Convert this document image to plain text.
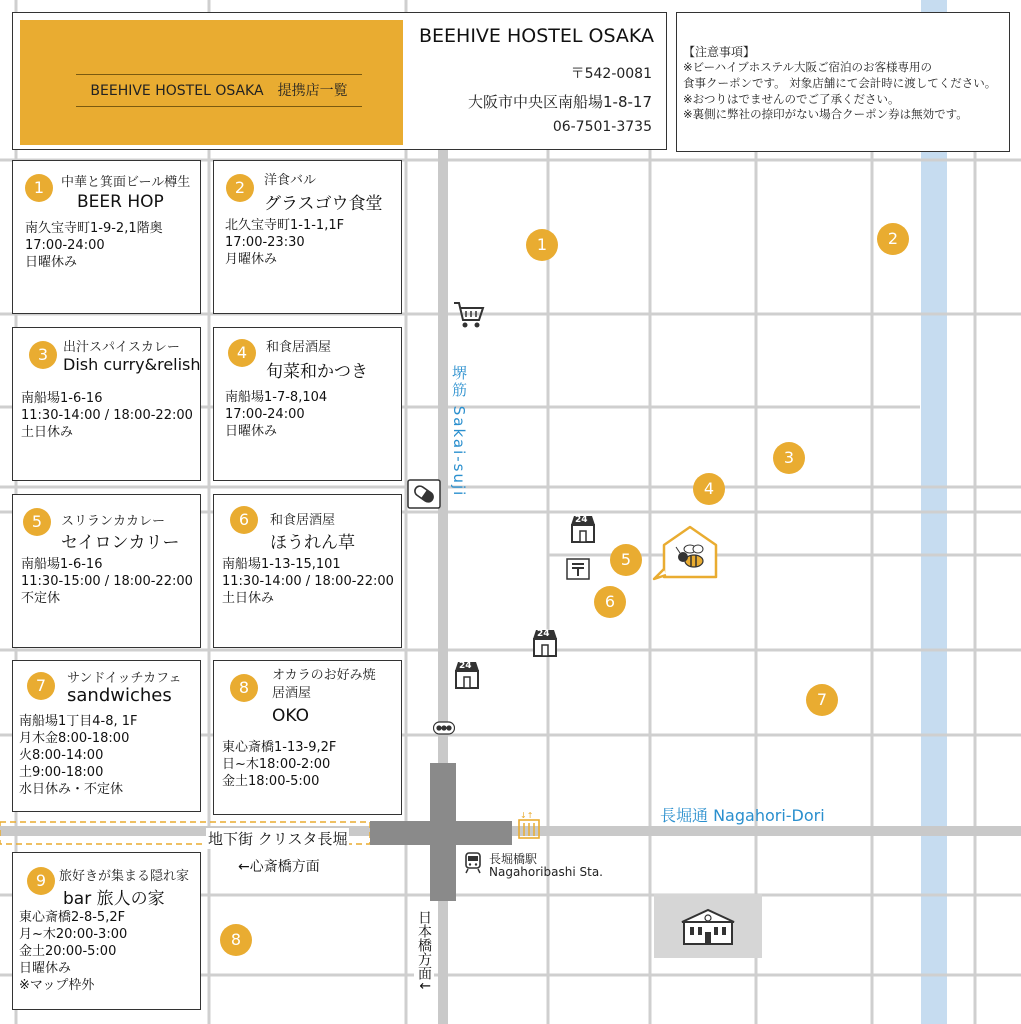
BEEHIVE HOSTEL OSAKA　提携店一覧
BEEHIVE HOSTEL OSAKA
〒542-0081
大阪市中央区南船場1-8-17
06-7501-3735
【注意事項】
※ビーハイブホステル大阪ご宿泊のお客様専用の
食事クーポンです。 対象店舗にて会計時に渡してください。
※おつりはでませんのでご了承ください。
※裏側に弊社の捺印がない場合クーポン券は無効です。
1	中華と箕面ビール樽生
BEER HOP
南久宝寺町1-9-2,1階奥
17:00-24:00
日曜休み
2	洋食バル
グラスゴウ食堂
北久宝寺町1-1-1,1F
17:00-23:30
月曜休み
3	出汁スパイスカレー
Dish curry&relish
南船場1-6-16
11:30-14:00 / 18:00-22:00
土日休み
4	和食居酒屋
旬菜和かつき
南船場1-7-8,104
17:00-24:00
日曜休み
5	スリランカカレー
セイロンカリー
南船場1-6-16
11:30-15:00 / 18:00-22:00
不定休
6	和食居酒屋
ほうれん草
南船場1-13-15,101
11:30-14:00 / 18:00-22:00
土日休み
7	サンドイッチカフェ
sandwiches
南船場1丁目4-8, 1F
月木金8:00-18:00
火8:00-14:00
土9:00-18:00
水日休み・不定休
8
オカラのお好み焼
居酒屋
OKO
東心斎橋1-13-9,2F
日~木18:00-2:00
金土18:00-5:00
9 旅好きが集まる隠れ家
bar 旅人の家
東心斎橋2-8-5,2F
月~木20:00-3:00
金土20:00-5:00
日曜休み
※マップ枠外
堺筋 Sakai-suji
長堀通 Nagahori-Dori
地下街 クリスタ長堀
←心斎橋方面
日本橋方面↓
長堀橋駅
Nagahoribashi Sta.
↓↑
24
24
24
1	2
3
4
5
6
7
8
